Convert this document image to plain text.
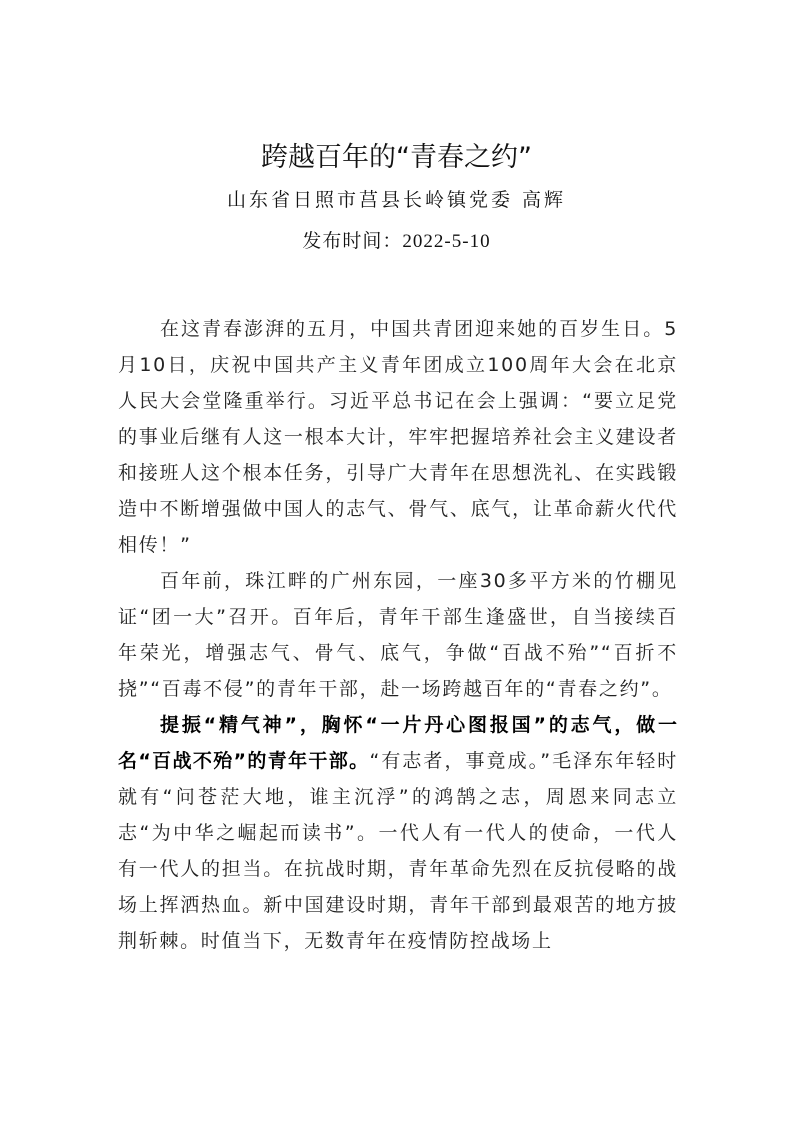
跨越百年的“青春之约”
山东省日照市莒县长岭镇党委 高辉
发布时间：2022-5-10

在这青春澎湃的五月，中国共青团迎来她的百岁生日。5月10日，庆祝中国共产主义青年团成立100周年大会在北京人民大会堂隆重举行。习近平总书记在会上强调：“要立足党的事业后继有人这一根本大计，牢牢把握培养社会主义建设者和接班人这个根本任务，引导广大青年在思想洗礼、在实践锻造中不断增强做中国人的志气、骨气、底气，让革命薪火代代相传！”

百年前，珠江畔的广州东园，一座30多平方米的竹棚见证“团一大”召开。百年后，青年干部生逢盛世，自当接续百年荣光，增强志气、骨气、底气，争做“百战不殆”“百折不挠”“百毒不侵”的青年干部，赴一场跨越百年的“青春之约”。

提振“精气神”，胸怀“一片丹心图报国”的志气，做一名“百战不殆”的青年干部。“有志者，事竟成。”毛泽东年轻时就有“问苍茫大地，谁主沉浮”的鸿鹄之志，周恩来同志立志“为中华之崛起而读书”。一代人有一代人的使命，一代人有一代人的担当。在抗战时期，青年革命先烈在反抗侵略的战场上挥洒热血。新中国建设时期，青年干部到最艰苦的地方披荆斩棘。时值当下，无数青年在疫情防控战场上
